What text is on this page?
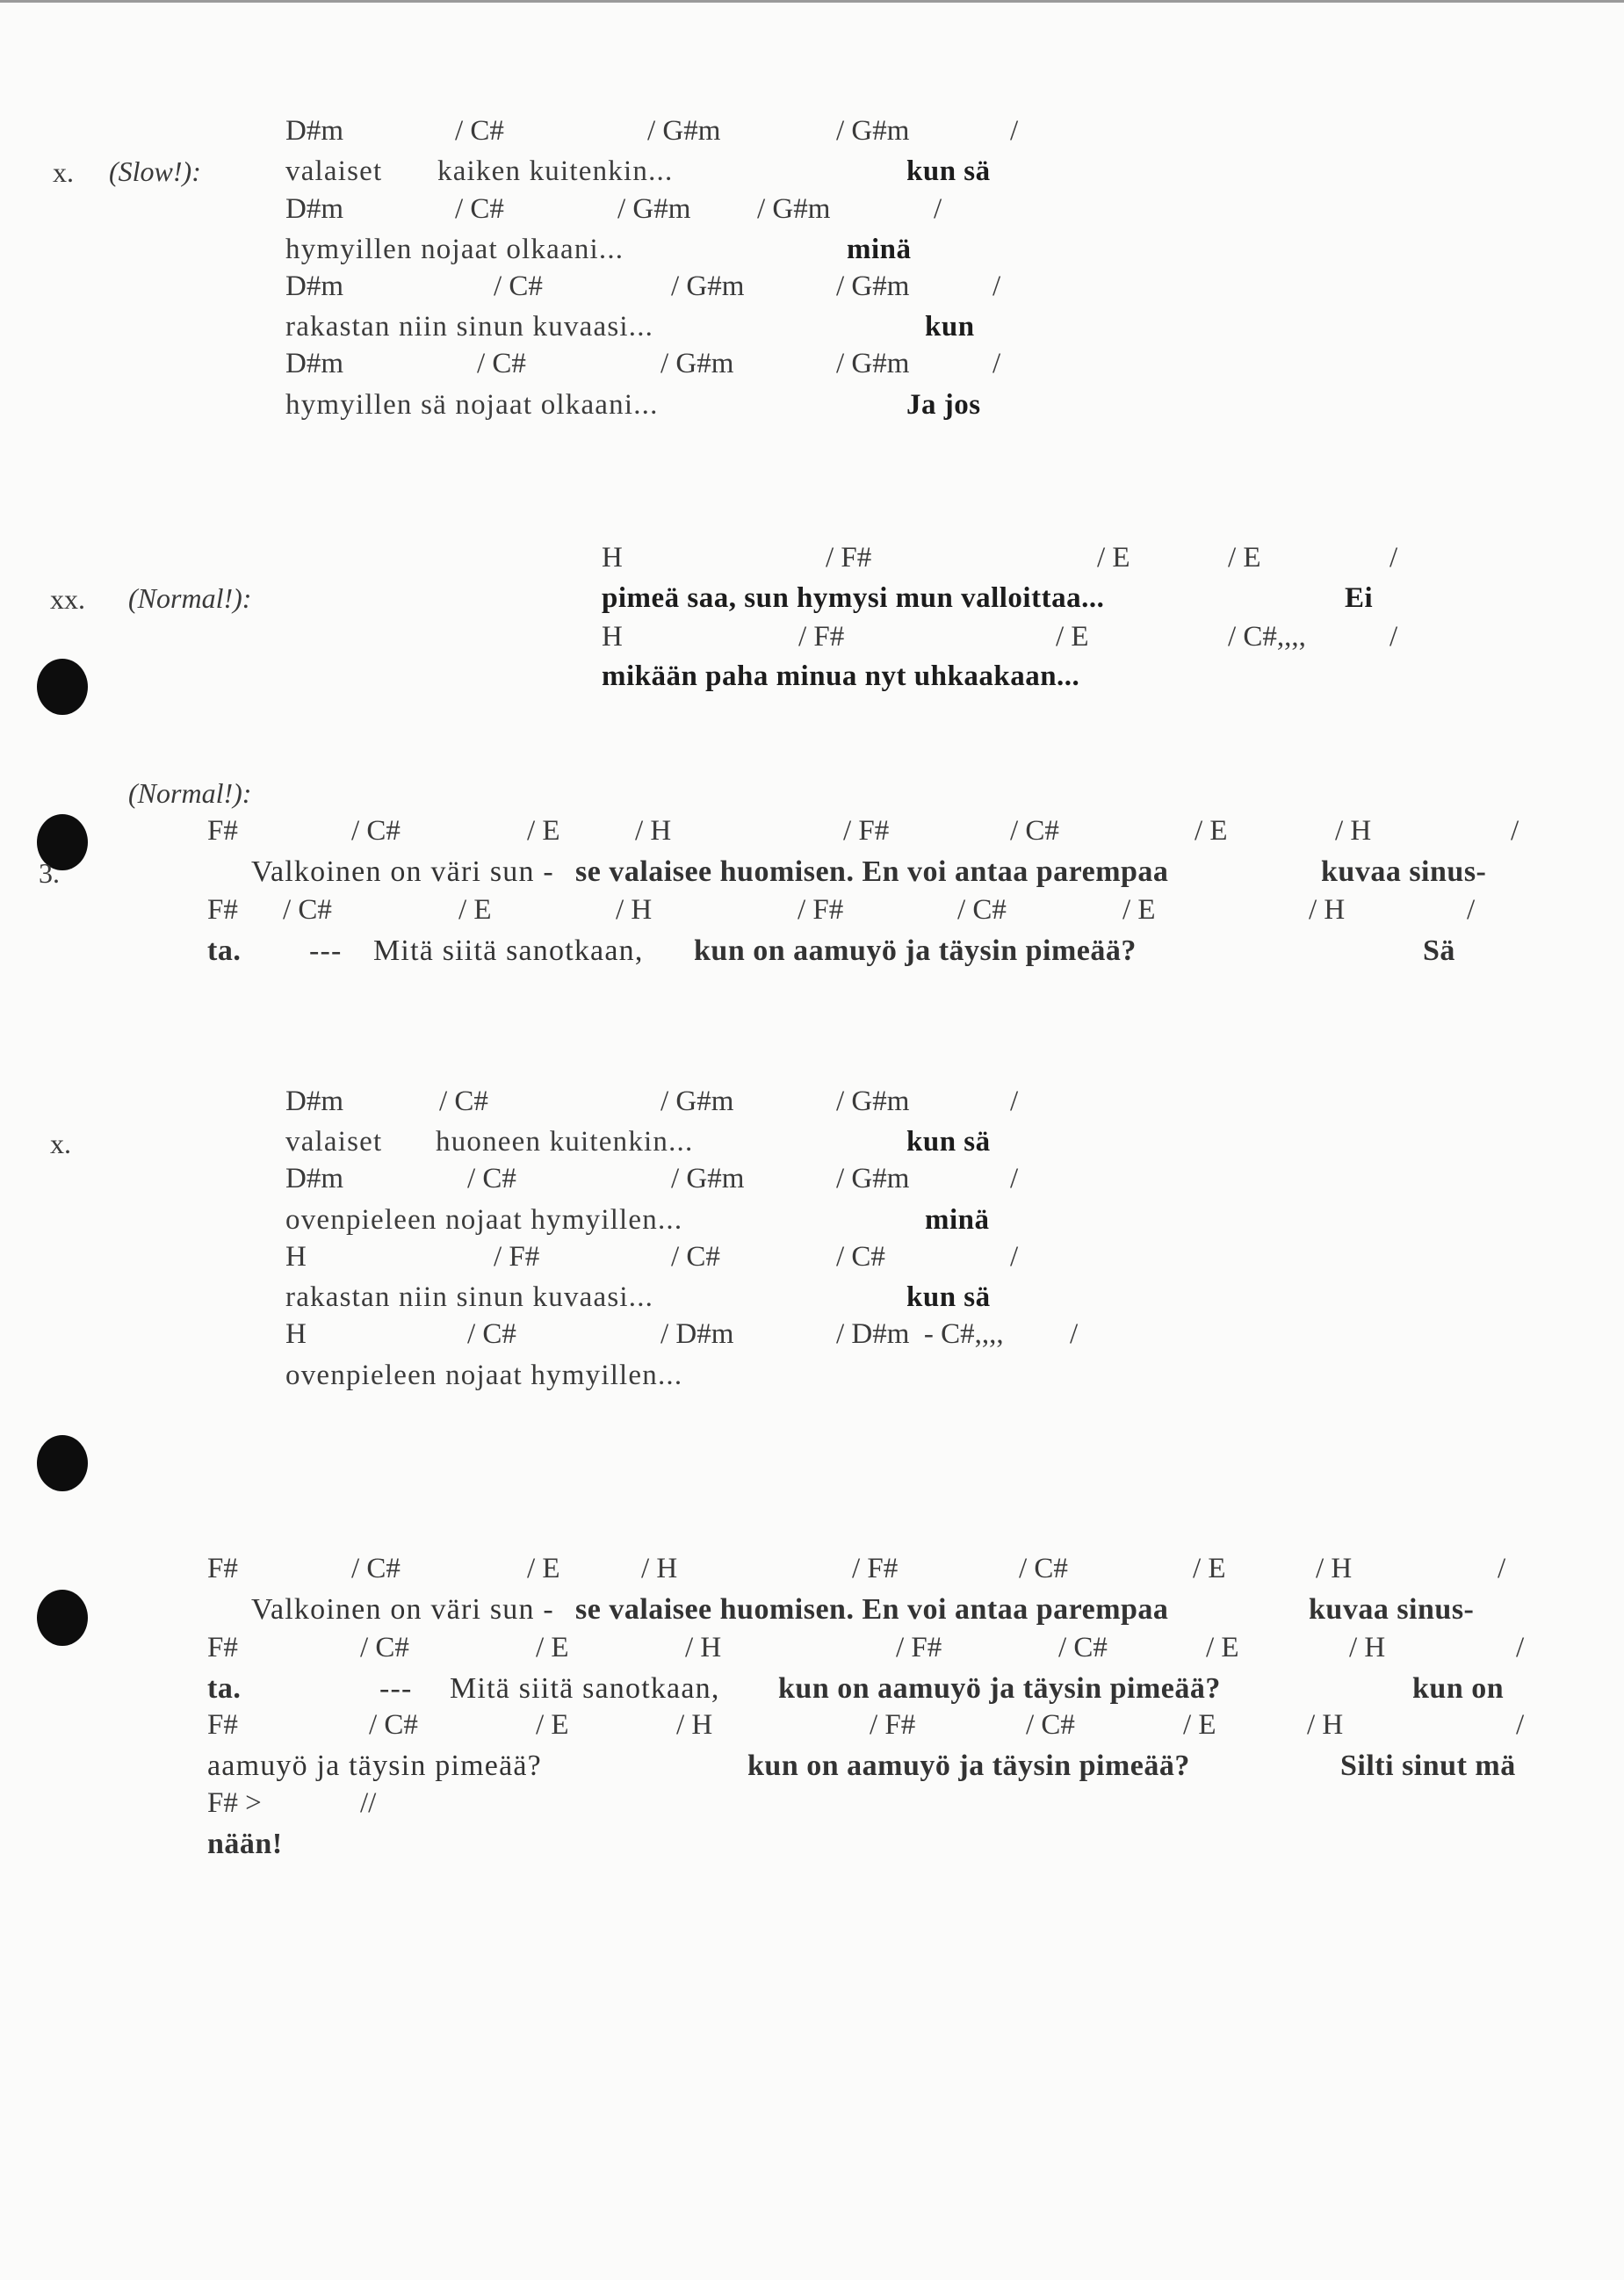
x. (Slow!):
D#m	/ C#	/ G#m	/ G#m	/
valaiset kaiken kuitenkin...	kun sä
D#m	/ C#	/ G#m / G#m	/
hymyillen nojaat olkaani...	minä
D#m	/ C#	/ G#m	/ G#m	/
rakastan niin sinun kuvaasi...	kun
D#m	/ C#	/ G#m	/ G#m	/
hymyillen sä nojaat olkaani...	Ja jos
xx. (Normal!):
H	/ F#	/ E	/ E	/
pimeä saa, sun hymysi mun valloittaa...	Ei
H	/ F#	/ E	/ C#,,,,	/
mikään paha minua nyt uhkaakaan...
(Normal!):
3.
F#	/ C#	/ E	/ H	/ F#	/ C#	/ E	/ H	/
Valkoinen on väri sun - se valaisee huomisen. En voi antaa parempaa	kuvaa sinus-
F# / C#	/ E	/ H	/ F#	/ C#	/ E	/ H	/
ta. --- Mitä siitä sanotkaan, kun on aamuyö ja täysin pimeää?	Sä
x.
D#m	/ C#	/ G#m	/ G#m	/
valaiset huoneen kuitenkin...	kun sä
D#m	/ C#	/ G#m	/ G#m	/
ovenpieleen nojaat hymyillen...	minä
H	/ F#	/ C#	/ C#	/
rakastan niin sinun kuvaasi...	kun sä
H	/ C#	/ D#m	/ D#m  - C#,,,, /
ovenpieleen nojaat hymyillen...
F#	/ C#	/ E	/ H	/ F#	/ C#	/ E	/ H	/
Valkoinen on väri sun - se valaisee huomisen. En voi antaa parempaa	kuvaa sinus-
F#	/ C#	/ E	/ H	/ F#	/ C#	/ E	/ H	/
ta.	--- Mitä siitä sanotkaan, kun on aamuyö ja täysin pimeää?	kun on
F#	/ C#	/ E	/ H	/ F#	/ C#	/ E	/ H	/
aamuyö ja täysin pimeää?	kun on aamuyö ja täysin pimeää?	Silti sinut mä
F# >	//
nään!
